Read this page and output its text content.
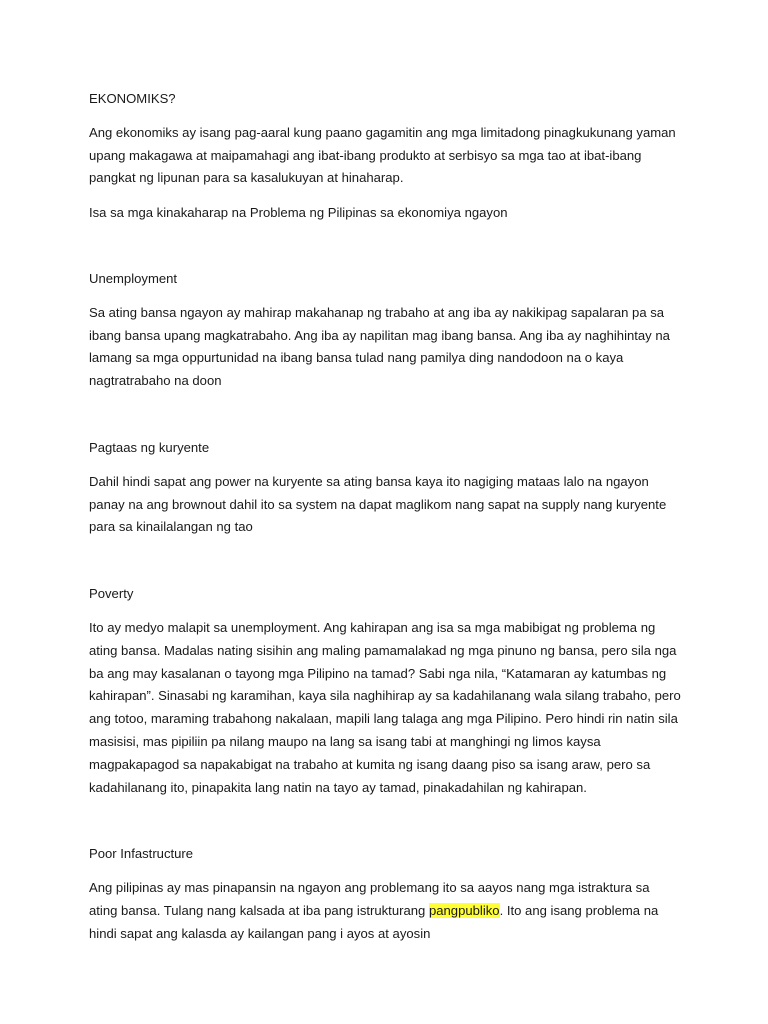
EKONOMIKS?

Ang ekonomiks ay isang pag-aaral kung paano gagamitin ang mga limitadong pinagkukunang yaman upang makagawa at maipamahagi ang ibat-ibang produkto at serbisyo sa mga tao at ibat-ibang pangkat ng lipunan para sa kasalukuyan at hinaharap.

Isa sa mga kinakaharap na Problema ng Pilipinas sa ekonomiya ngayon

Unemployment

Sa ating bansa ngayon ay mahirap makahanap ng trabaho at ang iba ay nakikipag sapalaran pa sa ibang bansa upang magkatrabaho. Ang iba ay napilitan mag ibang bansa. Ang iba ay naghihintay na lamang sa mga oppurtunidad na ibang bansa tulad nang pamilya ding nandodoon na o kaya nagtratrabaho na doon

Pagtaas ng kuryente

Dahil hindi sapat ang power na kuryente sa ating bansa kaya ito nagiging mataas lalo na ngayon panay na ang brownout dahil ito sa system na dapat maglikom nang sapat na supply nang kuryente para sa kinailalangan ng tao

Poverty

Ito ay medyo malapit sa unemployment. Ang kahirapan ang isa sa mga mabibigat ng problema ng ating bansa. Madalas nating sisihin ang maling pamamalakad ng mga pinuno ng bansa, pero sila nga ba ang may kasalanan o tayong mga Pilipino na tamad? Sabi nga nila, “Katamaran ay katumbas ng kahirapan”. Sinasabi ng karamihan, kaya sila naghihirap ay sa kadahilanang wala silang trabaho, pero ang totoo, maraming trabahong nakalaan, mapili lang talaga ang mga Pilipino. Pero hindi rin natin sila masisisi, mas pipiliin pa nilang maupo na lang sa isang tabi at manghingi ng limos kaysa magpakapagod sa napakabigat na trabaho at kumita ng isang daang piso sa isang araw, pero sa kadahilanang ito, pinapakita lang natin na tayo ay tamad, pinakadahilan ng kahirapan.

Poor Infastructure

Ang pilipinas ay mas pinapansin na ngayon ang problemang ito sa aayos nang mga istraktura sa ating bansa. Tulang nang kalsada at iba pang istrukturang pangpubliko. Ito ang isang problema na hindi sapat ang kalasda ay kailangan pang i ayos at ayosin
